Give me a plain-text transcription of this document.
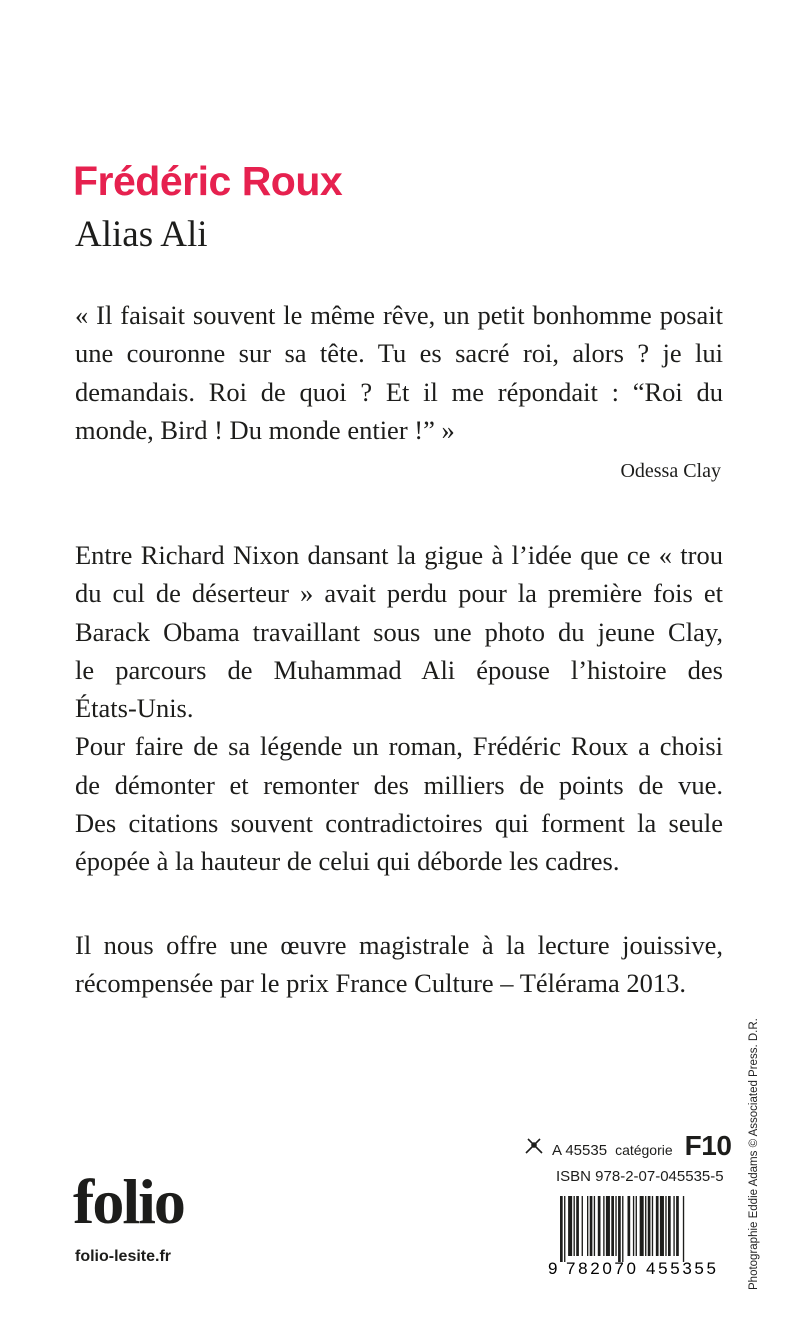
Frédéric Roux
Alias Ali
« Il faisait souvent le même rêve, un petit bonhomme posait
une couronne sur sa tête. Tu es sacré roi, alors ? je lui
demandais. Roi de quoi ? Et il me répondait : “Roi du
monde, Bird ! Du monde entier !” »
Odessa Clay
Entre Richard Nixon dansant la gigue à l’idée que ce « trou
du cul de déserteur » avait perdu pour la première fois et
Barack Obama travaillant sous une photo du jeune Clay,
le parcours de Muhammad Ali épouse l’histoire des
États-Unis.
Pour faire de sa légende un roman, Frédéric Roux a choisi
de démonter et remonter des milliers de points de vue.
Des citations souvent contradictoires qui forment la seule
épopée à la hauteur de celui qui déborde les cadres.
Il nous offre une œuvre magistrale à la lecture jouissive,
récompensée par le prix France Culture – Télérama 2013.
Photographie Eddie Adams © Associated Press. D.R.
A 45535 catégorie F10
ISBN 978-2-07-045535-5
folio
folio-lesite.fr
9 782070 455355
